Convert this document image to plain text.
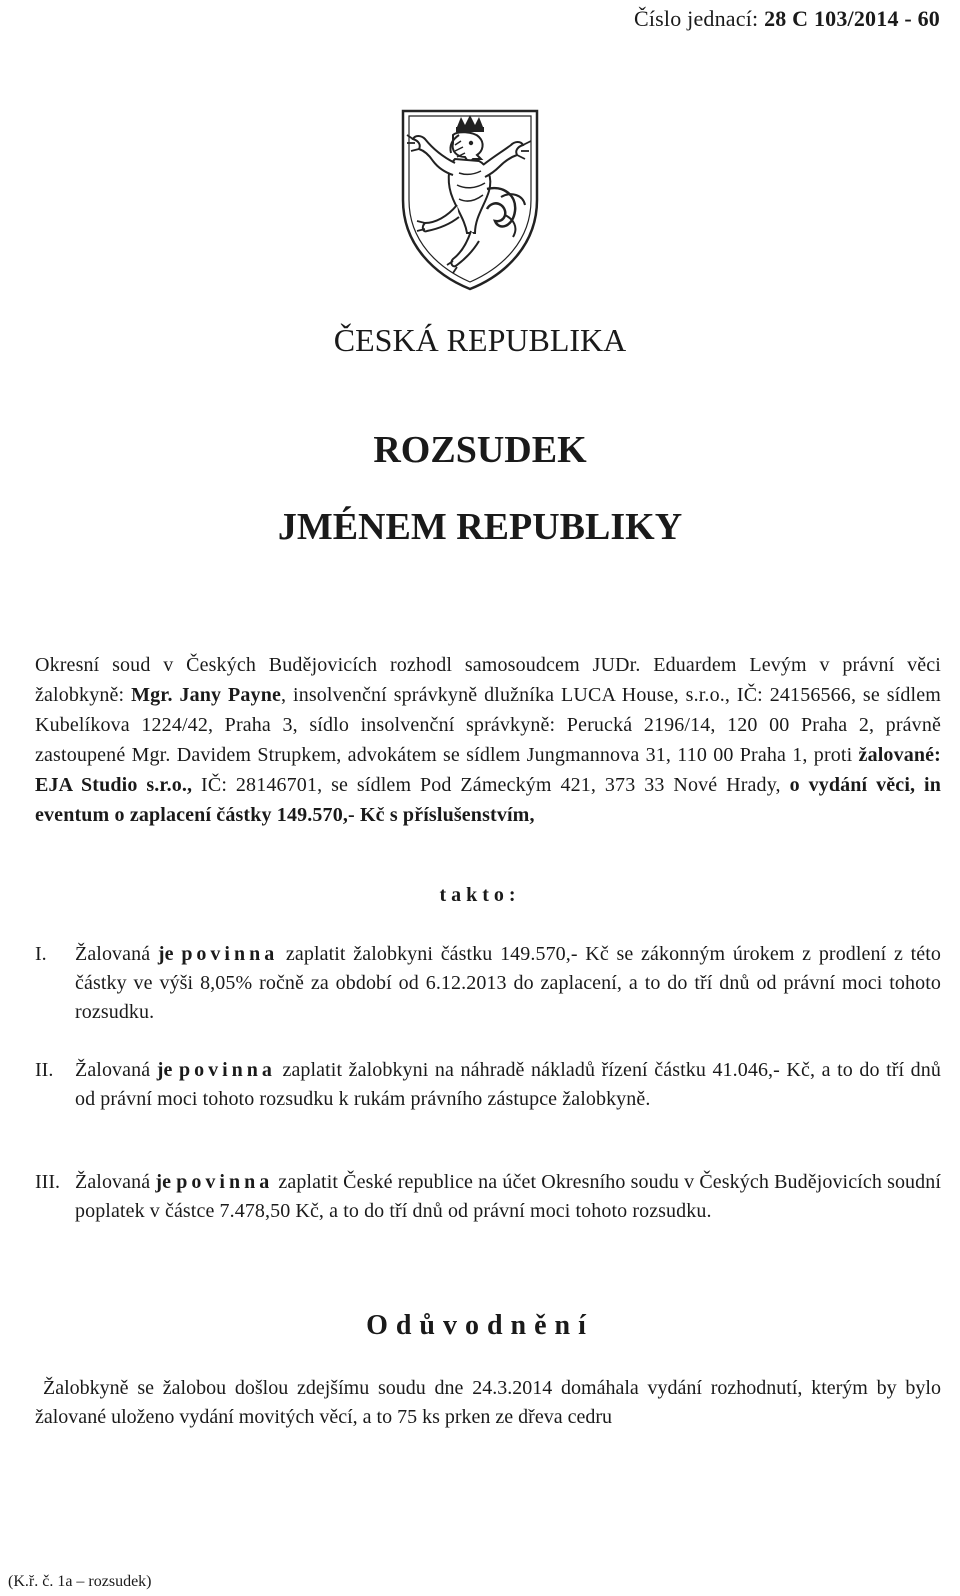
Číslo jednací: 28 C 103/2014 - 60
ČESKÁ REPUBLIKA
ROZSUDEK
JMÉNEM REPUBLIKY

Okresní soud v Českých Budějovicích rozhodl samosoudcem JUDr. Eduardem Levým v právní věci žalobkyně: Mgr. Jany Payne, insolvenční správkyně dlužníka LUCA House, s.r.o., IČ: 24156566, se sídlem Kubelíkova 1224/42, Praha 3, sídlo insolvenční správkyně: Perucká 2196/14, 120 00 Praha 2, právně zastoupené Mgr. Davidem Strupkem, advokátem se sídlem Jungmannova 31, 110 00 Praha 1, proti žalované: EJA Studio s.r.o., IČ: 28146701, se sídlem Pod Zámeckým 421, 373 33 Nové Hrady, o vydání věci, in eventum o zaplacení částky 149.570,- Kč s příslušenstvím,

takto:
I.	Žalovaná je povinna zaplatit žalobkyni částku 149.570,- Kč se zákonným úrokem z prodlení z této částky ve výši 8,05% ročně za období od 6.12.2013 do zaplacení, a to do tří dnů od právní moci tohoto rozsudku.
II.	Žalovaná je povinna zaplatit žalobkyni na náhradě nákladů řízení částku 41.046,- Kč, a to do tří dnů od právní moci tohoto rozsudku k rukám právního zástupce žalobkyně.
III. Žalovaná je povinna zaplatit České republice na účet Okresního soudu v Českých Budějovicích soudní poplatek v částce 7.478,50 Kč, a to do tří dnů od právní moci tohoto rozsudku.
Odůvodnění

Žalobkyně se žalobou došlou zdejšímu soudu dne 24.3.2014 domáhala vydání rozhodnutí, kterým by bylo žalované uloženo vydání movitých věcí, a to 75 ks prken ze dřeva cedru

(K.ř. č. 1a – rozsudek)
